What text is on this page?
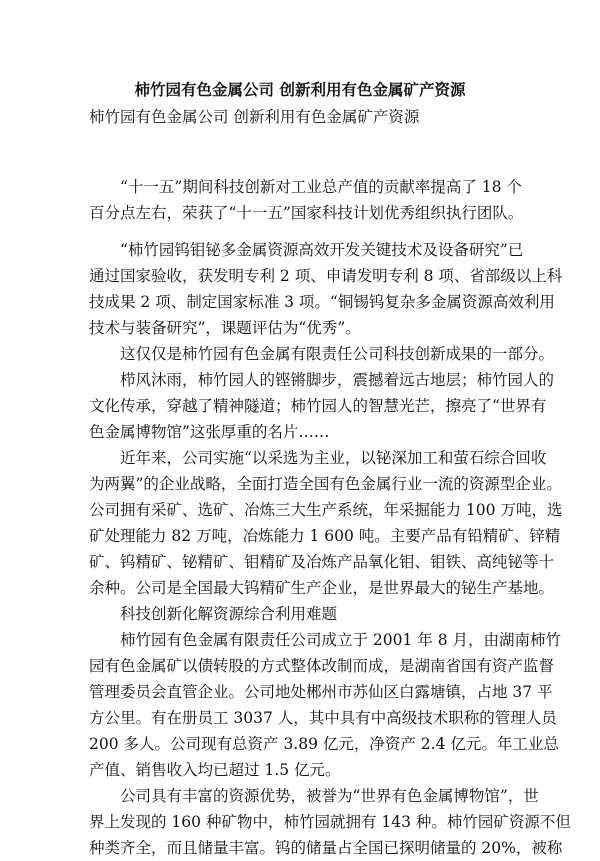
柿竹园有色金属公司 创新利用有色金属矿产资源
柿竹园有色金属公司 创新利用有色金属矿产资源
“十一五”期间科技创新对工业总产值的贡献率提高了 18 个
百分点左右，荣获了“十一五”国家科技计划优秀组织执行团队。
“柿竹园钨钼铋多金属资源高效开发关键技术及设备研究”已
通过国家验收，获发明专利 2 项、申请发明专利 8 项、省部级以上科
技成果 2 项、制定国家标准 3 项。“铜锡钨复杂多金属资源高效利用
技术与装备研究”，课题评估为“优秀”。
这仅仅是柿竹园有色金属有限责任公司科技创新成果的一部分。
栉风沐雨，柿竹园人的铿锵脚步，震撼着远古地层；柿竹园人的
文化传承，穿越了精神隧道；柿竹园人的智慧光芒，擦亮了“世界有
色金属博物馆”这张厚重的名片……
近年来，公司实施“以采选为主业，以铋深加工和萤石综合回收
为两翼”的企业战略，全面打造全国有色金属行业一流的资源型企业。
公司拥有采矿、选矿、冶炼三大生产系统，年采掘能力 100 万吨，选
矿处理能力 82 万吨，冶炼能力 1 600 吨。主要产品有铅精矿、锌精
矿、钨精矿、铋精矿、钼精矿及冶炼产品氧化钼、钼铁、高纯铋等十
余种。公司是全国最大钨精矿生产企业，是世界最大的铋生产基地。
科技创新化解资源综合利用难题
柿竹园有色金属有限责任公司成立于 2001 年 8 月，由湖南柿竹
园有色金属矿以债转股的方式整体改制而成，是湖南省国有资产监督
管理委员会直管企业。公司地处郴州市苏仙区白露塘镇，占地 37 平
方公里。有在册员工 3037 人，其中具有中高级技术职称的管理人员
200 多人。公司现有总资产 3.89 亿元，净资产 2.4 亿元。年工业总
产值、销售收入均已超过 1.5 亿元。
公司具有丰富的资源优势，被誉为“世界有色金属博物馆”，世
界上发现的 160 种矿物中，柿竹园就拥有 143 种。柿竹园矿资源不但
种类齐全，而且储量丰富。钨的储量占全国已探明储量的 20%，被称
